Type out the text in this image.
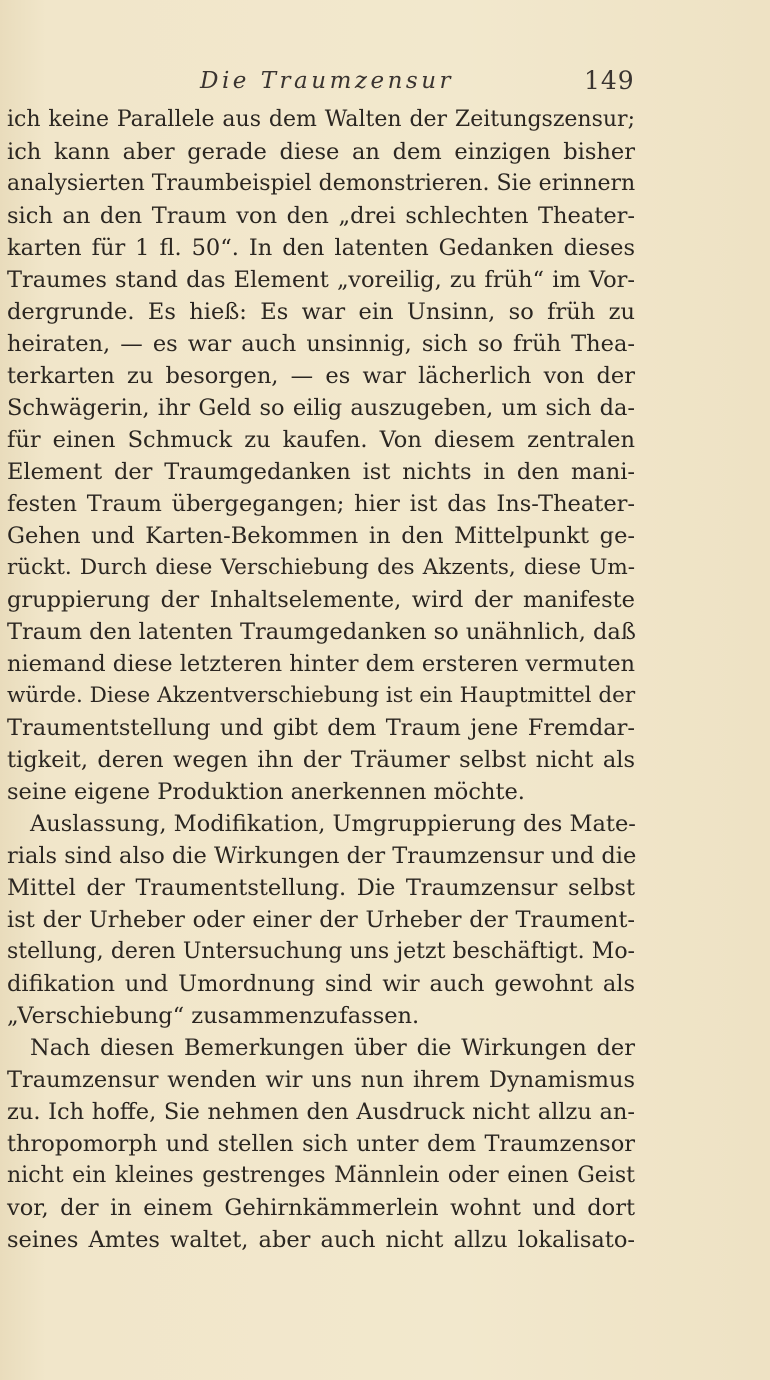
Die Traumzensur	149
ich keine Parallele aus dem Walten der Zeitungszensur;
ich kann aber gerade diese an dem einzigen bisher
analysierten Traumbeispiel demonstrieren. Sie erinnern
sich an den Traum von den „drei schlechten Theater-
karten für 1 fl. 50“. In den latenten Gedanken dieses
Traumes stand das Element „voreilig, zu früh“ im Vor-
dergrunde. Es hieß: Es war ein Unsinn, so früh zu
heiraten, — es war auch unsinnig, sich so früh Thea-
terkarten zu besorgen, — es war lächerlich von der
Schwägerin, ihr Geld so eilig auszugeben, um sich da-
für einen Schmuck zu kaufen. Von diesem zentralen
Element der Traumgedanken ist nichts in den mani-
festen Traum übergegangen; hier ist das Ins-Theater-
Gehen und Karten-Bekommen in den Mittelpunkt ge-
rückt. Durch diese Verschiebung des Akzents, diese Um-
gruppierung der Inhaltselemente, wird der manifeste
Traum den latenten Traumgedanken so unähnlich, daß
niemand diese letzteren hinter dem ersteren vermuten
würde. Diese Akzentverschiebung ist ein Hauptmittel der
Traumentstellung und gibt dem Traum jene Fremdar-
tigkeit, deren wegen ihn der Träumer selbst nicht als
seine eigene Produktion anerkennen möchte.
Auslassung, Modifikation, Umgruppierung des Mate-
rials sind also die Wirkungen der Traumzensur und die
Mittel der Traumentstellung. Die Traumzensur selbst
ist der Urheber oder einer der Urheber der Traument-
stellung, deren Untersuchung uns jetzt beschäftigt. Mo-
difikation und Umordnung sind wir auch gewohnt als
„Verschiebung“ zusammenzufassen.
Nach diesen Bemerkungen über die Wirkungen der
Traumzensur wenden wir uns nun ihrem Dynamismus
zu. Ich hoffe, Sie nehmen den Ausdruck nicht allzu an-
thropomorph und stellen sich unter dem Traumzensor
nicht ein kleines gestrenges Männlein oder einen Geist
vor, der in einem Gehirnkämmerlein wohnt und dort
seines Amtes waltet, aber auch nicht allzu lokalisato-
